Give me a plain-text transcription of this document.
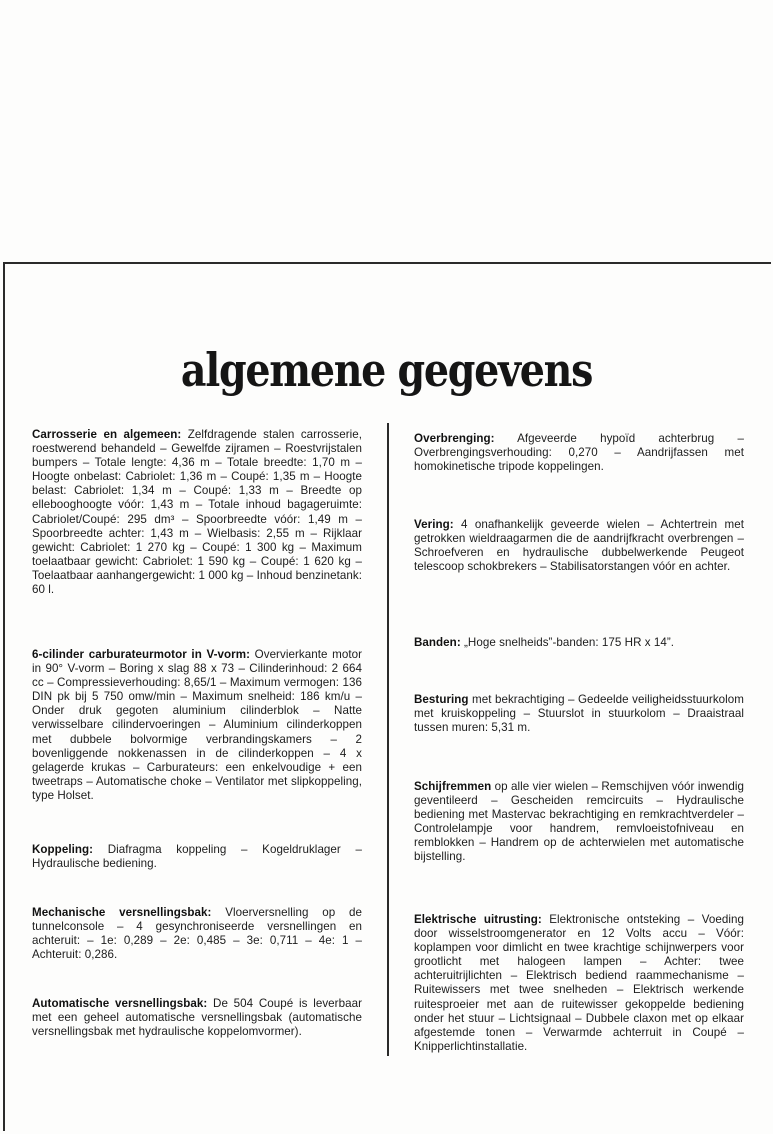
algemene gegevens

Carrosserie en algemeen: Zelfdragende stalen carrosserie, roestwerend behandeld – Gewelfde zijramen – Roestvrijstalen bumpers – Totale lengte: 4,36 m – Totale breedte: 1,70 m – Hoogte onbelast: Cabriolet: 1,36 m – Coupé: 1,35 m – Hoogte belast: Cabriolet: 1,34 m – Coupé: 1,33 m – Breedte op ellebooghoogte vóór: 1,43 m – Totale inhoud bagageruimte: Cabriolet/Coupé: 295 dm³ – Spoorbreedte vóór: 1,49 m – Spoorbreedte achter: 1,43 m – Wielbasis: 2,55 m – Rijklaar gewicht: Cabriolet: 1 270 kg – Coupé: 1 300 kg – Maximum toelaatbaar gewicht: Cabriolet: 1 590 kg – Coupé: 1 620 kg – Toelaatbaar aanhangergewicht: 1 000 kg – Inhoud benzinetank: 60 l.

6-cilinder carburateurmotor in V-vorm: Overvierkante motor in 90° V-vorm – Boring x slag 88 x 73 – Cilinderinhoud: 2 664 cc – Compressieverhouding: 8,65/1 – Maximum vermogen: 136 DIN pk bij 5 750 omw/min – Maximum snelheid: 186 km/u – Onder druk gegoten aluminium cilinderblok – Natte verwisselbare cilindervoeringen – Aluminium cilinderkoppen met dubbele bolvormige verbrandingskamers – 2 bovenliggende nokkenassen in de cilinderkoppen – 4 x gelagerde krukas – Carburateurs: een enkelvoudige + een tweetraps – Automatische choke – Ventilator met slipkoppeling, type Holset.

Koppeling: Diafragma koppeling – Kogeldruklager – Hydraulische bediening.

Mechanische versnellingsbak: Vloerversnelling op de tunnelconsole – 4 gesynchroniseerde versnellingen en achteruit: – 1e: 0,289 – 2e: 0,485 – 3e: 0,711 – 4e: 1 – Achteruit: 0,286.

Automatische versnellingsbak: De 504 Coupé is leverbaar met een geheel automatische versnellingsbak (automatische versnellingsbak met hydraulische koppelomvormer).

Overbrenging: Afgeveerde hypoïd achterbrug – Overbrengingsverhouding: 0,270 – Aandrijfassen met homokinetische tripode koppelingen.

Vering: 4 onafhankelijk geveerde wielen – Achtertrein met getrokken wieldraagarmen die de aandrijfkracht overbrengen – Schroefveren en hydraulische dubbelwerkende Peugeot telescoop schokbrekers – Stabilisatorstangen vóór en achter.

Banden: „Hoge snelheids”-banden: 175 HR x 14”.

Besturing met bekrachtiging – Gedeelde veiligheidsstuurkolom met kruiskoppeling – Stuurslot in stuurkolom – Draaistraal tussen muren: 5,31 m.

Schijfremmen op alle vier wielen – Remschijven vóór inwendig geventileerd – Gescheiden remcircuits – Hydraulische bediening met Mastervac bekrachtiging en remkrachtverdeler – Controlelampje voor handrem, remvloeistofniveau en remblokken – Handrem op de achterwielen met automatische bijstelling.

Elektrische uitrusting: Elektronische ontsteking – Voeding door wisselstroomgenerator en 12 Volts accu – Vóór: koplampen voor dimlicht en twee krachtige schijnwerpers voor grootlicht met halogeen lampen – Achter: twee achteruitrijlichten – Elektrisch bediend raammechanisme – Ruitewissers met twee snelheden – Elektrisch werkende ruitesproeier met aan de ruitewisser gekoppelde bediening onder het stuur – Lichtsignaal – Dubbele claxon met op elkaar afgestemde tonen – Verwarmde achterruit in Coupé – Knipperlichtinstallatie.
